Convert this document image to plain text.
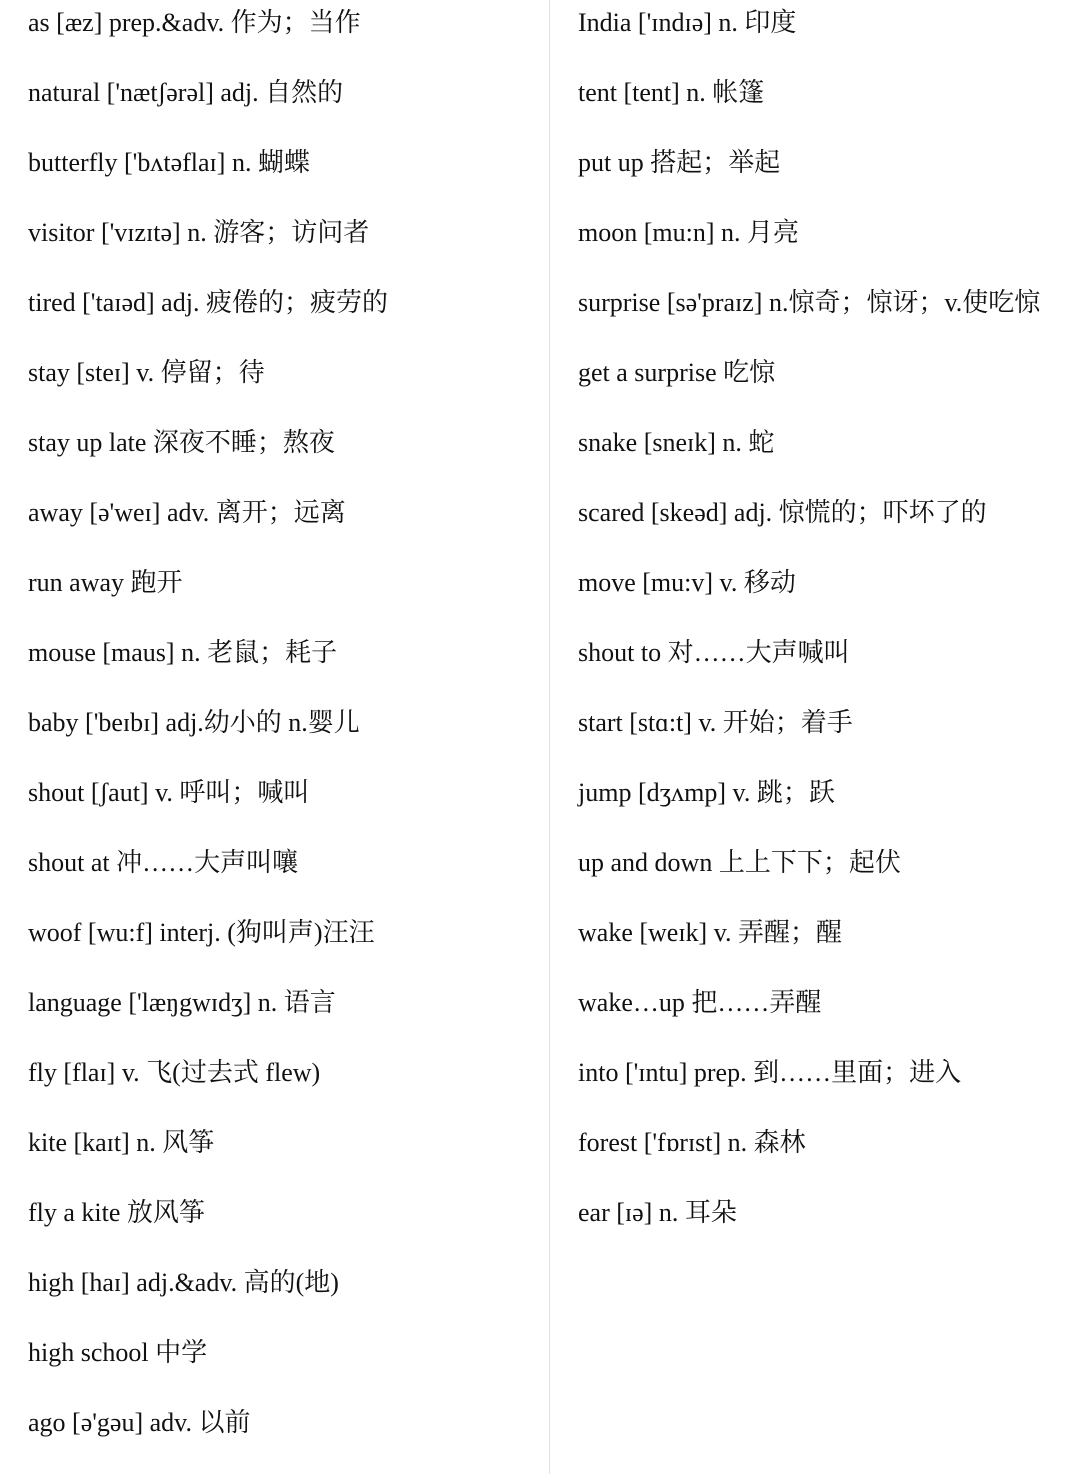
as [æz] prep.&adv. 作为；当作
natural ['nætʃərəl] adj. 自然的
butterfly ['bʌtəflaɪ] n. 蝴蝶
visitor ['vɪzɪtə] n. 游客；访问者
tired ['taɪəd] adj. 疲倦的；疲劳的
stay [steɪ] v. 停留；待
stay up late 深夜不睡；熬夜
away [ə'weɪ] adv. 离开；远离
run away 跑开
mouse [maus] n. 老鼠；耗子
baby ['beɪbɪ] adj.幼小的 n.婴儿
shout [ʃaut] v. 呼叫；喊叫
shout at 冲……大声叫嚷
woof [wu:f] interj. (狗叫声)汪汪
language ['læŋgwɪdʒ] n. 语言
fly [flaɪ] v. 飞(过去式 flew)
kite [kaɪt] n. 风筝
fly a kite 放风筝
high [haɪ] adj.&adv. 高的(地)
high school 中学
ago [ə'gəu] adv. 以前
India ['ɪndɪə] n. 印度
tent [tent] n. 帐篷
put up 搭起；举起
moon [mu:n] n. 月亮
surprise [sə'praɪz] n.惊奇；惊讶；v.使吃惊
get a surprise 吃惊
snake [sneɪk] n. 蛇
scared [skeəd] adj. 惊慌的；吓坏了的
move [mu:v] v. 移动
shout to 对……大声喊叫
start [stɑ:t] v. 开始；着手
jump [dʒʌmp] v. 跳；跃
up and down 上上下下；起伏
wake [weɪk] v. 弄醒；醒
wake…up 把……弄醒
into ['ɪntu] prep. 到……里面；进入
forest ['fɒrɪst] n. 森林
ear [ɪə] n. 耳朵
